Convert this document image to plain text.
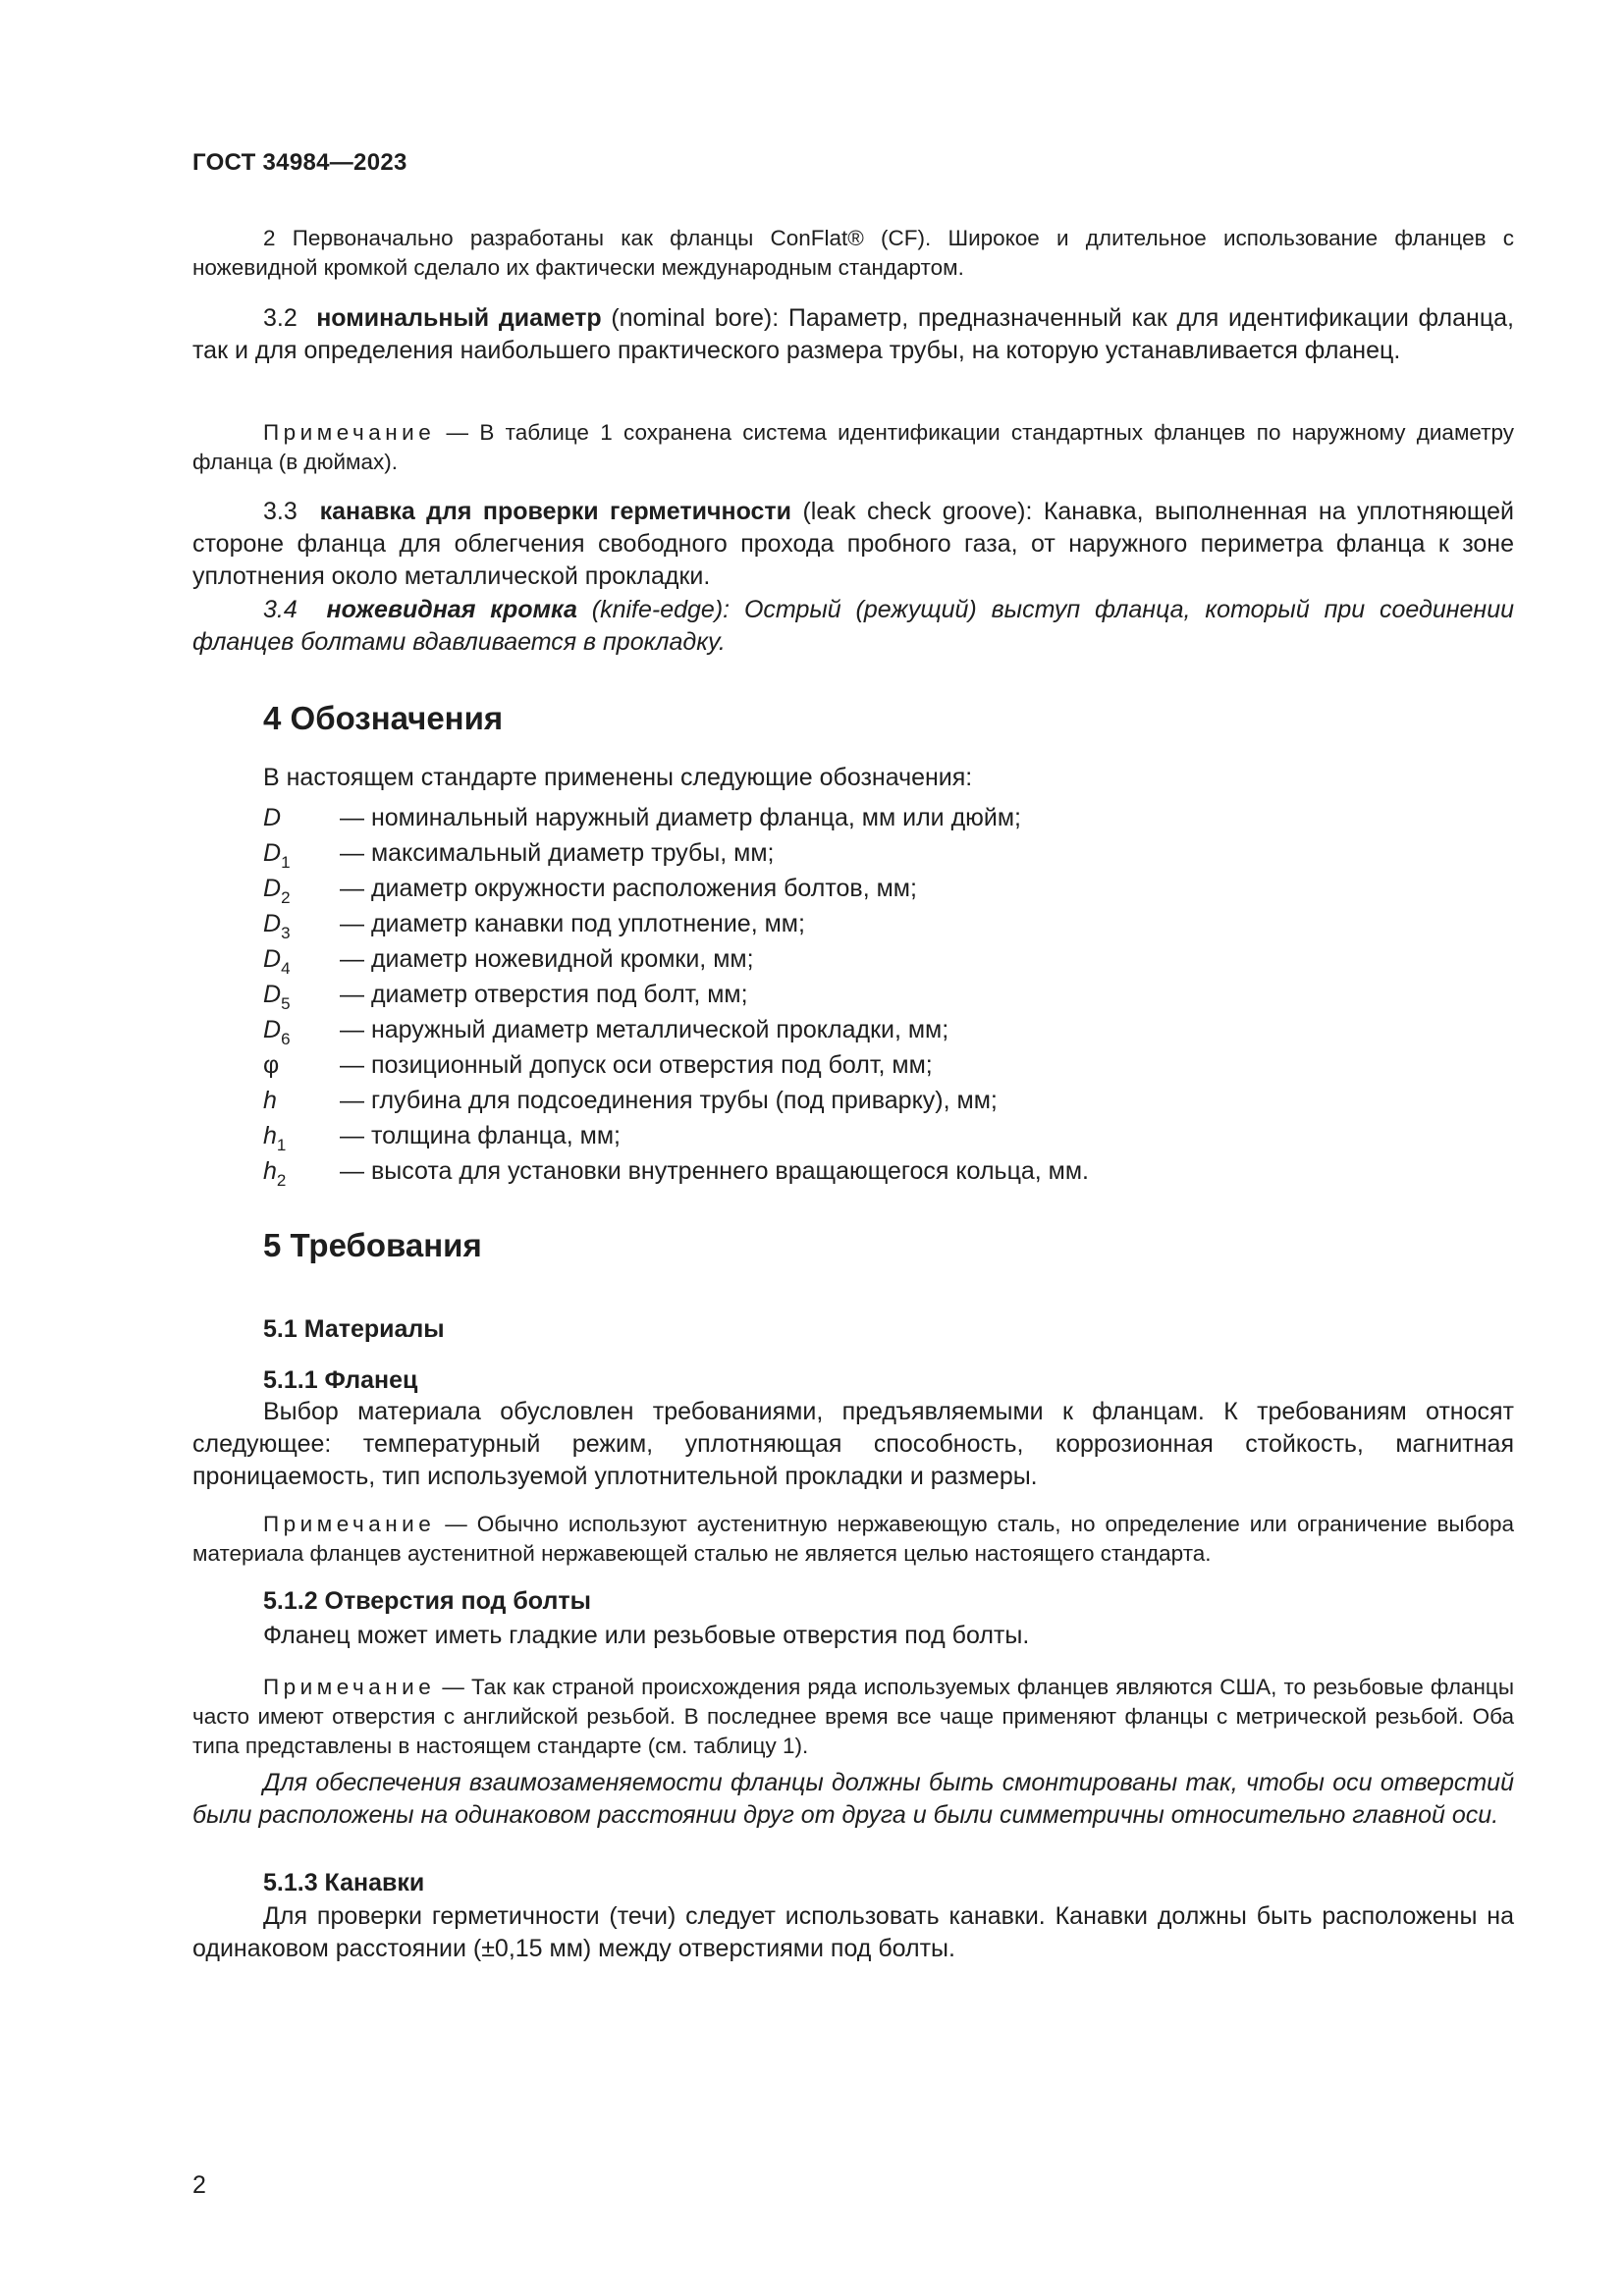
ГОСТ 34984—2023
2 Первоначально разработаны как фланцы ConFlat® (CF). Широкое и длительное использование фланцев с ножевидной кромкой сделало их фактически международным стандартом.
3.2 номинальный диаметр (nominal bore): Параметр, предназначенный как для идентификации фланца, так и для определения наибольшего практического размера трубы, на которую устанавливается фланец.
Примечание — В таблице 1 сохранена система идентификации стандартных фланцев по наружному диаметру фланца (в дюймах).
3.3 канавка для проверки герметичности (leak check groove): Канавка, выполненная на уплотняющей стороне фланца для облегчения свободного прохода пробного газа, от наружного периметра фланца к зоне уплотнения около металлической прокладки.
3.4 ножевидная кромка (knife-edge): Острый (режущий) выступ фланца, который при соединении фланцев болтами вдавливается в прокладку.
4 Обозначения
В настоящем стандарте применены следующие обозначения:
D — номинальный наружный диаметр фланца, мм или дюйм;
$D_1$ — максимальный диаметр трубы, мм;
$D_2$ — диаметр окружности расположения болтов, мм;
$D_3$ — диаметр канавки под уплотнение, мм;
$D_4$ — диаметр ножевидной кромки, мм;
$D_5$ — диаметр отверстия под болт, мм;
$D_6$ — наружный диаметр металлической прокладки, мм;
φ — позиционный допуск оси отверстия под болт, мм;
h	— глубина для подсоединения трубы (под приварку), мм;
$h_1$ — толщина фланца, мм;
$h_2$ — высота для установки внутреннего вращающегося кольца, мм.
5 Требования
5.1 Материалы
5.1.1 Фланец
Выбор материала обусловлен требованиями, предъявляемыми к фланцам. К требованиям относят следующее: температурный режим, уплотняющая способность, коррозионная стойкость, магнитная проницаемость, тип используемой уплотнительной прокладки и размеры.
Примечание — Обычно используют аустенитную нержавеющую сталь, но определение или ограничение выбора материала фланцев аустенитной нержавеющей сталью не является целью настоящего стандарта.
5.1.2 Отверстия под болты
Фланец может иметь гладкие или резьбовые отверстия под болты.
Примечание — Так как страной происхождения ряда используемых фланцев являются США, то резьбовые фланцы часто имеют отверстия с английской резьбой. В последнее время все чаще применяют фланцы с метрической резьбой. Оба типа представлены в настоящем стандарте (см. таблицу 1).
Для обеспечения взаимозаменяемости фланцы должны быть смонтированы так, чтобы оси отверстий были расположены на одинаковом расстоянии друг от друга и были симметричны относительно главной оси.
5.1.3 Канавки
Для проверки герметичности (течи) следует использовать канавки. Канавки должны быть расположены на одинаковом расстоянии (±0,15 мм) между отверстиями под болты.
2
